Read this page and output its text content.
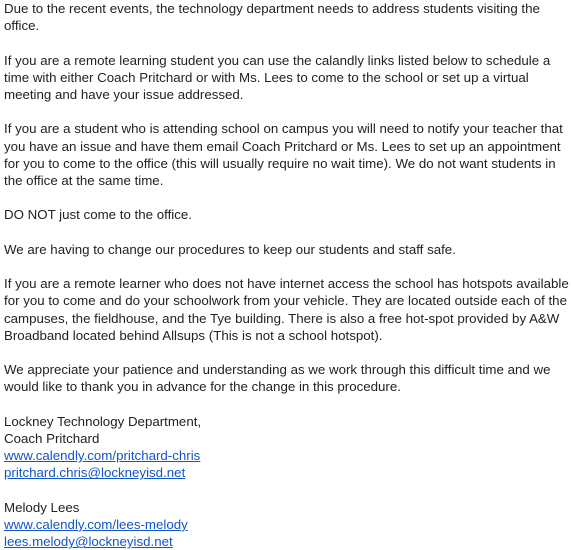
Due to the recent events, the technology department needs to address students visiting the office.

If you are a remote learning student you can use the calandly links listed below to schedule a time with either Coach Pritchard or with Ms. Lees to come to the school or set up a virtual meeting and have your issue addressed.

If you are a student who is attending school on campus you will need to notify your teacher that you have an issue and have them email Coach Pritchard or Ms. Lees to set up an appointment for you to come to the office (this will usually require no wait time). We do not want students in the office at the same time.

DO NOT just come to the office.

We are having to change our procedures to keep our students and staff safe.

If you are a remote learner who does not have internet access the school has hotspots available for you to come and do your schoolwork from your vehicle. They are located outside each of the campuses, the fieldhouse, and the Tye building. There is also a free hot-spot provided by A&W Broadband located behind Allsups (This is not a school hotspot).

We appreciate your patience and understanding as we work through this difficult time and we would like to thank you in advance for the change in this procedure.

Lockney Technology Department,
Coach Pritchard
www.calendly.com/pritchard-chris
pritchard.chris@lockneyisd.net
Melody Lees
www.calendly.com/lees-melody
lees.melody@lockneyisd.net
